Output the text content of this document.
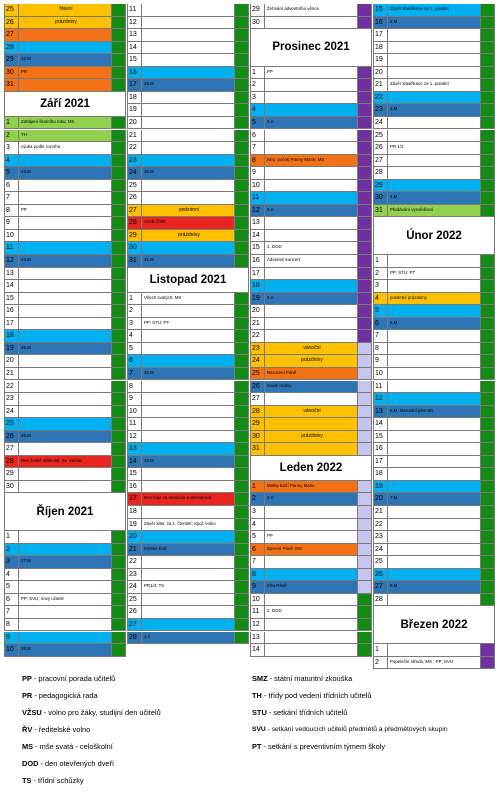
25	hlavní
26	prázdniny
27
28
29	22.M
30	PR
31
Září 2021
1	Zahájení školního roku; MS
2	TH
3	výuka podle rozvrhu
4
5	23.M
6
7
8	PP
9
10
11
12	24.M
13
14
15
16
17
18
19	25.M
20
21
22
23
24
25
26	26.M
27
28	Den české státnosti, Sv. Václav
29
30
Říjen 2021
1
2
3	27.M
4
5
6	PP; SVU; nový učitelé
7
8
9
10	28.M
11
12
13
14
15
16
17	29.M
18
19
20
21
22
23
24	30.M
25
26
27	podzimní
28	Vznik ČSR
29	prázdniny
30
31	31.M
Listopad 2021
1	Všech svatých; MS
2
3	PP; STU; PT
4
5
6
7	32.M
8
9
10
11
12
13
14	33.M
15
16
17	Den boje za svobodu a demokracii
18
19	Závěr klas. za 1. čtvrtletí; Spol. volno
20
21	Kristus Král
22
23
24	PR1/4; TS
25
26
27
28	1.A
29	Žehnání adventního věnce
30
Prosinec 2021
1	PP
2
3
4
5	2.A
6
7
8	Nep. početí Panny Marie; MS
9
10
11
12	3.A
13
14
15	1. DOD
16	Adventní koncert
17
18
19	4.A
20
21
22
23	vánoční
24	prázdniny
25	Narození Páně
26	Svaté rodiny
27
28	vánoční
29
30	prázdniny
31
Leden 2022
1	Matky Boží Panny Marie
2	2.V
3
4
5	PP
6	Zjevení Páně; MS
7
8
9	Křtu Páně
10
11	2. DOD
12
13
14
15	Závěr klasifikace za 1. pololetí
16	2.M
17
18
19
20
21	Závěr klasifikace za 1. pololetí
22
23	3.M
24
25
26	PR 1/2
27
28
29
30	4.M
31	Předávání vysvědčení
Únor 2022
1
2	PP; STU; PT
3
4	pololetní prázdniny
5
6	5.M
7
8
9
10
11
12
13	6.M; Maturitní ples 8G
14
15
16
17
18
19
20	7.M
21
22
23
24
25
26
27	8.M
28
Březen 2022
1
2	Popeleční středa, MS ; PP; SVU
PP - pracovní porada učitelů
PR - pedagogická rada
VŽSU - volno pro žáky, studijní den učitelů
ŘV - ředitelské volno
MS - mše svatá - celoškolní
DOD - den otevřených dveří
TS - třídní schůzky
SMZ - státní maturitní zkouška
TH - třídy pod vedení třídních učitelů
STU - setkání třídních učitelů
SVU - setkání vedoucích učitelů předmětů a předmětových skupin
PT - setkání s preventivním týmem školy
